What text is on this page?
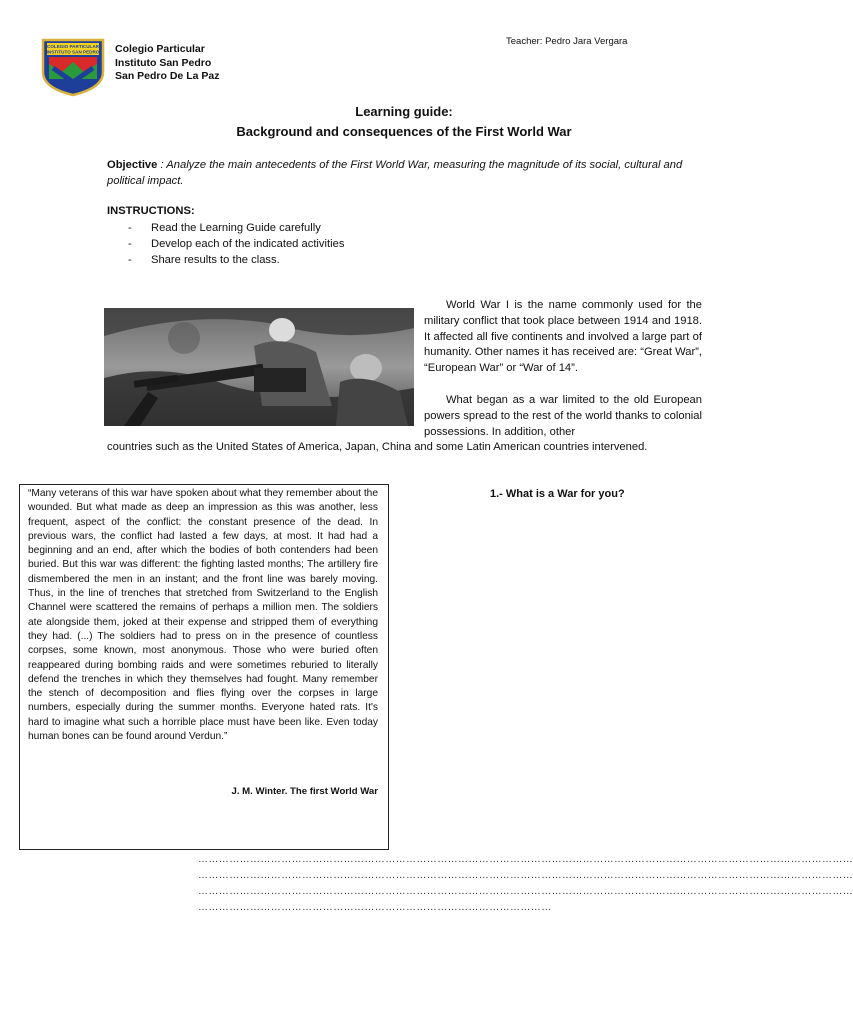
Teacher: Pedro Jara Vergara
COLEGIO PARTICULAR
INSTITUTO SAN PEDRO Colegio Particular
Instituto San Pedro
San Pedro De La Paz
Learning guide:
Background and consequences of the First World War
Objective : Analyze the main antecedents of the First World War, measuring the magnitude of its social, cultural and political impact.
INSTRUCTIONS:
- Read the Learning Guide carefully
- Develop each of the indicated activities
- Share results to the class.
World War I is the name commonly used for the military conflict that took place between 1914 and 1918. It affected all five continents and involved a large part of humanity. Other names it has received are: “Great War”, “European War” or “War of 14”.
What began as a war limited to the old European powers spread to the rest of the world thanks to colonial possessions. In addition, other
countries such as the United States of America, Japan, China and some Latin American countries intervened.
“Many veterans of this war have spoken about what they remember about the wounded. But what made as deep an impression as this was another, less frequent, aspect of the conflict: the constant presence of the dead. In previous wars, the conflict had lasted a few days, at most. It had had a beginning and an end, after which the bodies of both contenders had been buried. But this war was different: the fighting lasted months; The artillery fire dismembered the men in an instant; and the front line was barely moving. Thus, in the line of trenches that stretched from Switzerland to the English Channel were scattered the remains of perhaps a million men. The soldiers ate alongside them, joked at their expense and stripped them of everything they had. (...) The soldiers had to press on in the presence of countless corpses, some known, most anonymous. Those who were buried often reappeared during bombing raids and were sometimes reburied to literally defend the trenches in which they themselves had fought. Many remember the stench of decomposition and flies flying over the corpses in large numbers, especially during the summer months. Everyone hated rats. It's hard to imagine what such a horrible place must have been like. Even today human bones can be found around Verdun.”
J. M. Winter. The first World War
1.- What is a War for you?
………………………………………………………………………………………………………………………………………………………………………
………………………………………………………………………………………………………………………………………………………………………
………………………………………………………………………………………………………………………………………………………………………
…………………………………………………………………………………………
